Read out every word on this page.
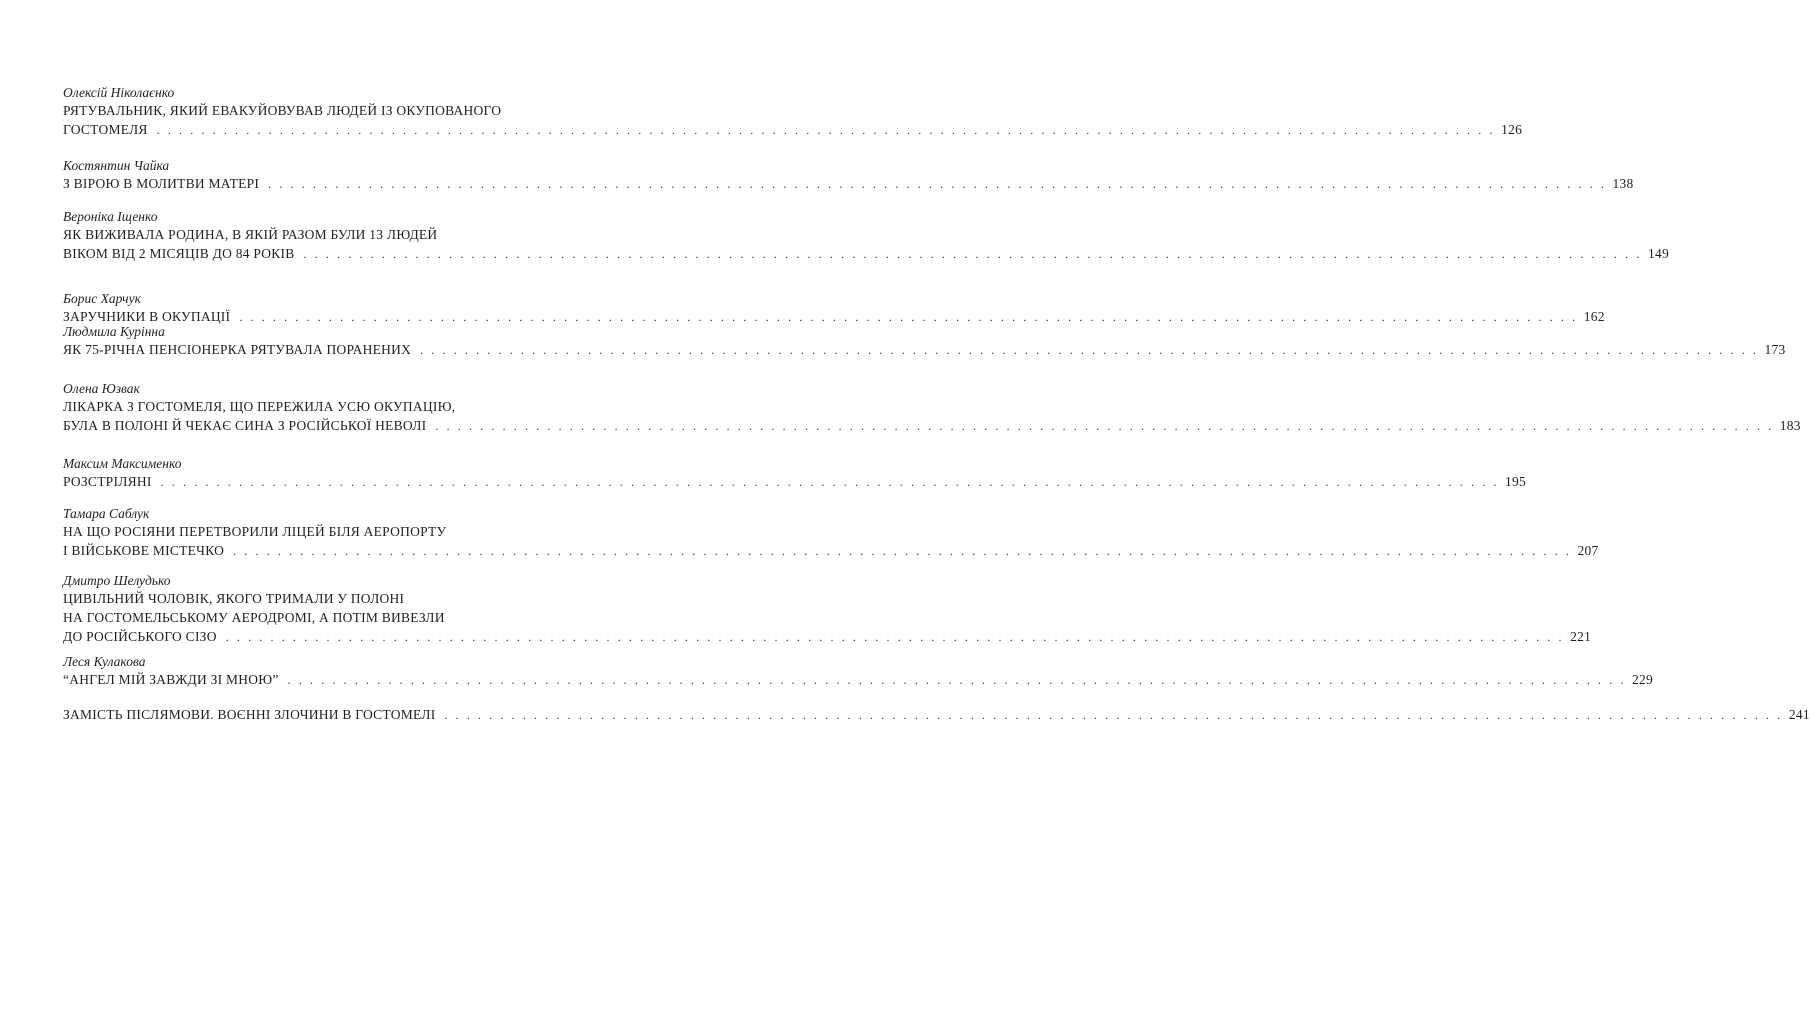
Олексій Ніколаєнко
РЯТУВАЛЬНИК, ЯКИЙ ЕВАКУЙОВУВАВ ЛЮДЕЙ ІЗ ОКУПОВАНОГО
ГОСТОМЕЛЯ . . . . . . . . . . . . . . . . . . . . . . . . . . . . . . . . . . . . . . . . . . . . . . . . . . . . . . . . . . . . . . . . . . . . . . . . . . . . . . . . . . . . . . . . . . . . . . . . . . . . . . . . . . . . . . . . . . . . . . . . 126
Костянтин Чайка
З ВІРОЮ В МОЛИТВИ МАТЕРІ . . . . . . . . . . . . . . . . . . . . . . . . . . . . . . . . . . . . . . . . . . . . . . . . . . . . . . . . . . . . . . . . . . . . . . . . . . . . . . . . . . . . . . . . . . . . . . . . . . . . . . . . . . . . . . . . . . . . . . . . 138
Вероніка Іщенко
ЯК ВИЖИВАЛА РОДИНА, В ЯКІЙ РАЗОМ БУЛИ 13 ЛЮДЕЙ
ВІКОМ ВІД 2 МІСЯЦІВ ДО 84 РОКІВ . . . . . . . . . . . . . . . . . . . . . . . . . . . . . . . . . . . . . . . . . . . . . . . . . . . . . . . . . . . . . . . . . . . . . . . . . . . . . . . . . . . . . . . . . . . . . . . . . . . . . . . . . . . . . . . . . . . . . . . . 149
Борис Харчук
ЗАРУЧНИКИ В ОКУПАЦІЇ . . . . . . . . . . . . . . . . . . . . . . . . . . . . . . . . . . . . . . . . . . . . . . . . . . . . . . . . . . . . . . . . . . . . . . . . . . . . . . . . . . . . . . . . . . . . . . . . . . . . . . . . . . . . . . . . . . . . . . . . 162
Людмила Курінна
ЯК 75-РІЧНА ПЕНСІОНЕРКА РЯТУВАЛА ПОРАНЕНИХ . . . . . . . . . . . . . . . . . . . . . . . . . . . . . . . . . . . . . . . . . . . . . . . . . . . . . . . . . . . . . . . . . . . . . . . . . . . . . . . . . . . . . . . . . . . . . . . . . . . . . . . . . . . . . . . . . . . . . . . . 173
Олена Юзвак
ЛІКАРКА З ГОСТОМЕЛЯ, ЩО ПЕРЕЖИЛА УСЮ ОКУПАЦІЮ,
БУЛА В ПОЛОНІ Й ЧЕКАЄ СИНА З РОСІЙСЬКОЇ НЕВОЛІ . . . . . . . . . . . . . . . . . . . . . . . . . . . . . . . . . . . . . . . . . . . . . . . . . . . . . . . . . . . . . . . . . . . . . . . . . . . . . . . . . . . . . . . . . . . . . . . . . . . . . . . . . . . . . . . . . . . . . . . . 183
Максим Максименко
РОЗСТРІЛЯНІ . . . . . . . . . . . . . . . . . . . . . . . . . . . . . . . . . . . . . . . . . . . . . . . . . . . . . . . . . . . . . . . . . . . . . . . . . . . . . . . . . . . . . . . . . . . . . . . . . . . . . . . . . . . . . . . . . . . . . . . . 195
Тамара Саблук
НА ЩО РОСІЯНИ ПЕРЕТВОРИЛИ ЛІЦЕЙ БІЛЯ АЕРОПОРТУ
І ВІЙСЬКОВЕ МІСТЕЧКО . . . . . . . . . . . . . . . . . . . . . . . . . . . . . . . . . . . . . . . . . . . . . . . . . . . . . . . . . . . . . . . . . . . . . . . . . . . . . . . . . . . . . . . . . . . . . . . . . . . . . . . . . . . . . . . . . . . . . . . . 207
Дмитро Шелудько
ЦИВІЛЬНИЙ ЧОЛОВІК, ЯКОГО ТРИМАЛИ У ПОЛОНІ
НА ГОСТОМЕЛЬСЬКОМУ АЕРОДРОМІ, А ПОТІМ ВИВЕЗЛИ
ДО РОСІЙСЬКОГО СІЗО . . . . . . . . . . . . . . . . . . . . . . . . . . . . . . . . . . . . . . . . . . . . . . . . . . . . . . . . . . . . . . . . . . . . . . . . . . . . . . . . . . . . . . . . . . . . . . . . . . . . . . . . . . . . . . . . . . . . . . . . 221
Леся Кулакова
“АНГЕЛ МІЙ ЗАВЖДИ ЗІ МНОЮ” . . . . . . . . . . . . . . . . . . . . . . . . . . . . . . . . . . . . . . . . . . . . . . . . . . . . . . . . . . . . . . . . . . . . . . . . . . . . . . . . . . . . . . . . . . . . . . . . . . . . . . . . . . . . . . . . . . . . . . . . 229
ЗАМІСТЬ ПІСЛЯМОВИ. ВОЄННІ ЗЛОЧИНИ В ГОСТОМЕЛІ . . . . . . . . . . . . . . . . . . . . . . . . . . . . . . . . . . . . . . . . . . . . . . . . . . . . . . . . . . . . . . . . . . . . . . . . . . . . . . . . . . . . . . . . . . . . . . . . . . . . . . . . . . . . . . . . . . . . . . . . 241
